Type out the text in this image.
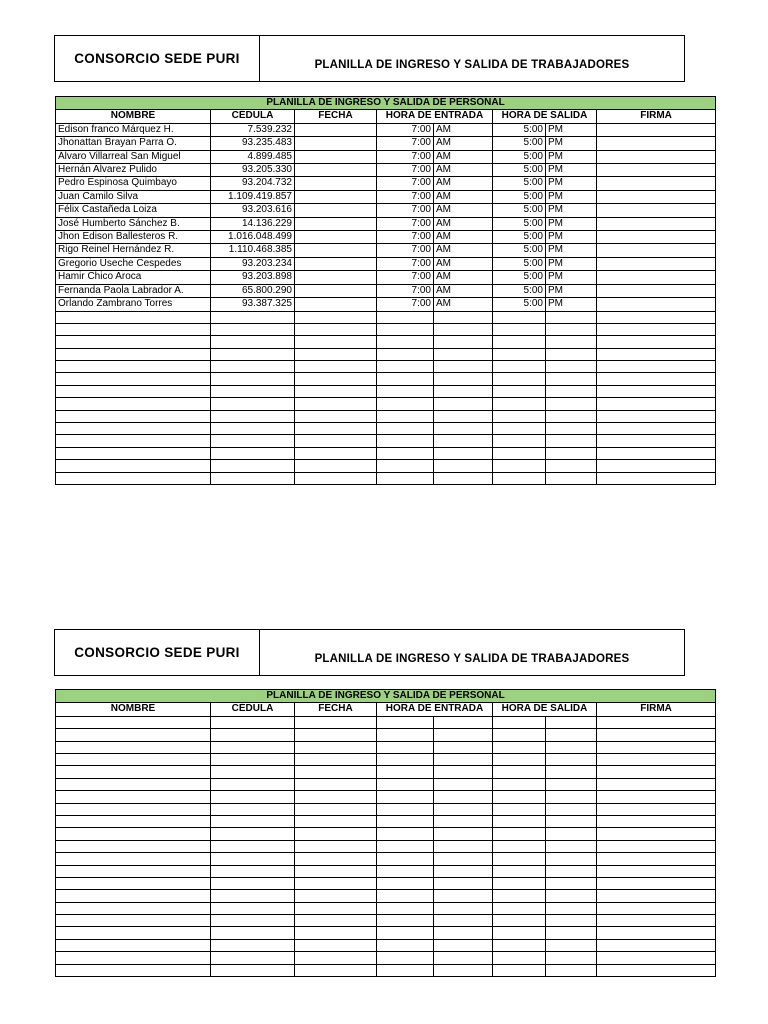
CONSORCIO SEDE PURI	PLANILLA DE INGRESO Y SALIDA DE TRABAJADORES
PLANILLA DE INGRESO Y SALIDA DE PERSONAL							
NOMBRE	CÉDULA	FECHA	HORA DE ENTRADA		HORA DE SALIDA		FIRMA
Edison franco Márquez H.	7.539.232		7:00	AM	5:00	PM	
Jhonattan Brayan Parra O.	93.235.483		7:00	AM	5:00	PM	
Álvaro Villarreal San Miguel	4.899.485		7:00	AM	5:00	PM	
Hernán Alvarez Pulido	93.205.330		7:00	AM	5:00	PM	
Pedro Espinosa Quimbayo	93.204.732		7:00	AM	5:00	PM	
Juan Camilo Silva	1.109.419.857		7:00	AM	5:00	PM	
Félix Castañeda Loiza	93.203.616		7:00	AM	5:00	PM	
José Humberto Sánchez B.	14.136.229		7:00	AM	5:00	PM	
Jhon Edison Ballesteros R.	1.016.048.499		7:00	AM	5:00	PM	
Rigo Reinel Hernández R.	1.110.468.385		7:00	AM	5:00	PM	
Gregorio Useche Cespedes	93.203.234		7:00	AM	5:00	PM	
Hamir Chico Aroca	93.203.898		7:00	AM	5:00	PM	
Fernanda Paola Labrador A.	65.800.290		7:00	AM	5:00	PM	
Orlando Zambrano Torres	93.387.325		7:00	AM	5:00	PM	

CONSORCIO SEDE PURI	PLANILLA DE INGRESO Y SALIDA DE TRABAJADORES
PLANILLA DE INGRESO Y SALIDA DE PERSONAL							
NOMBRE	CÉDULA	FECHA	HORA DE ENTRADA		HORA DE SALIDA		FIRMA
